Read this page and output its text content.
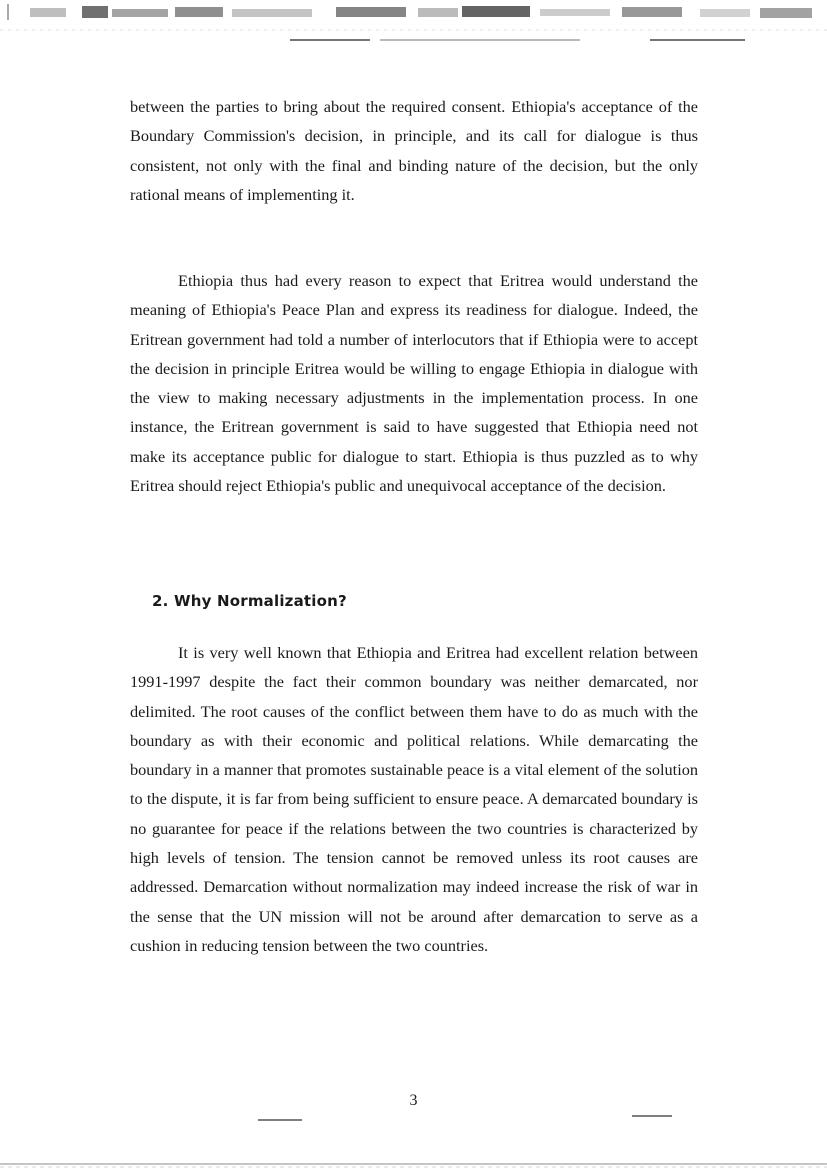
between the parties to bring about the required consent. Ethiopia's acceptance of the Boundary Commission's decision, in principle, and its call for dialogue is thus consistent, not only with the final and binding nature of the decision, but the only rational means of implementing it.
Ethiopia thus had every reason to expect that Eritrea would understand the meaning of Ethiopia's Peace Plan and express its readiness for dialogue. Indeed, the Eritrean government had told a number of interlocutors that if Ethiopia were to accept the decision in principle Eritrea would be willing to engage Ethiopia in dialogue with the view to making necessary adjustments in the implementation process. In one instance, the Eritrean government is said to have suggested that Ethiopia need not make its acceptance public for dialogue to start. Ethiopia is thus puzzled as to why Eritrea should reject Ethiopia's public and unequivocal acceptance of the decision.
2. Why Normalization?
It is very well known that Ethiopia and Eritrea had excellent relation between 1991-1997 despite the fact their common boundary was neither demarcated, nor delimited. The root causes of the conflict between them have to do as much with the boundary as with their economic and political relations. While demarcating the boundary in a manner that promotes sustainable peace is a vital element of the solution to the dispute, it is far from being sufficient to ensure peace. A demarcated boundary is no guarantee for peace if the relations between the two countries is characterized by high levels of tension. The tension cannot be removed unless its root causes are addressed. Demarcation without normalization may indeed increase the risk of war in the sense that the UN mission will not be around after demarcation to serve as a cushion in reducing tension between the two countries.
3
